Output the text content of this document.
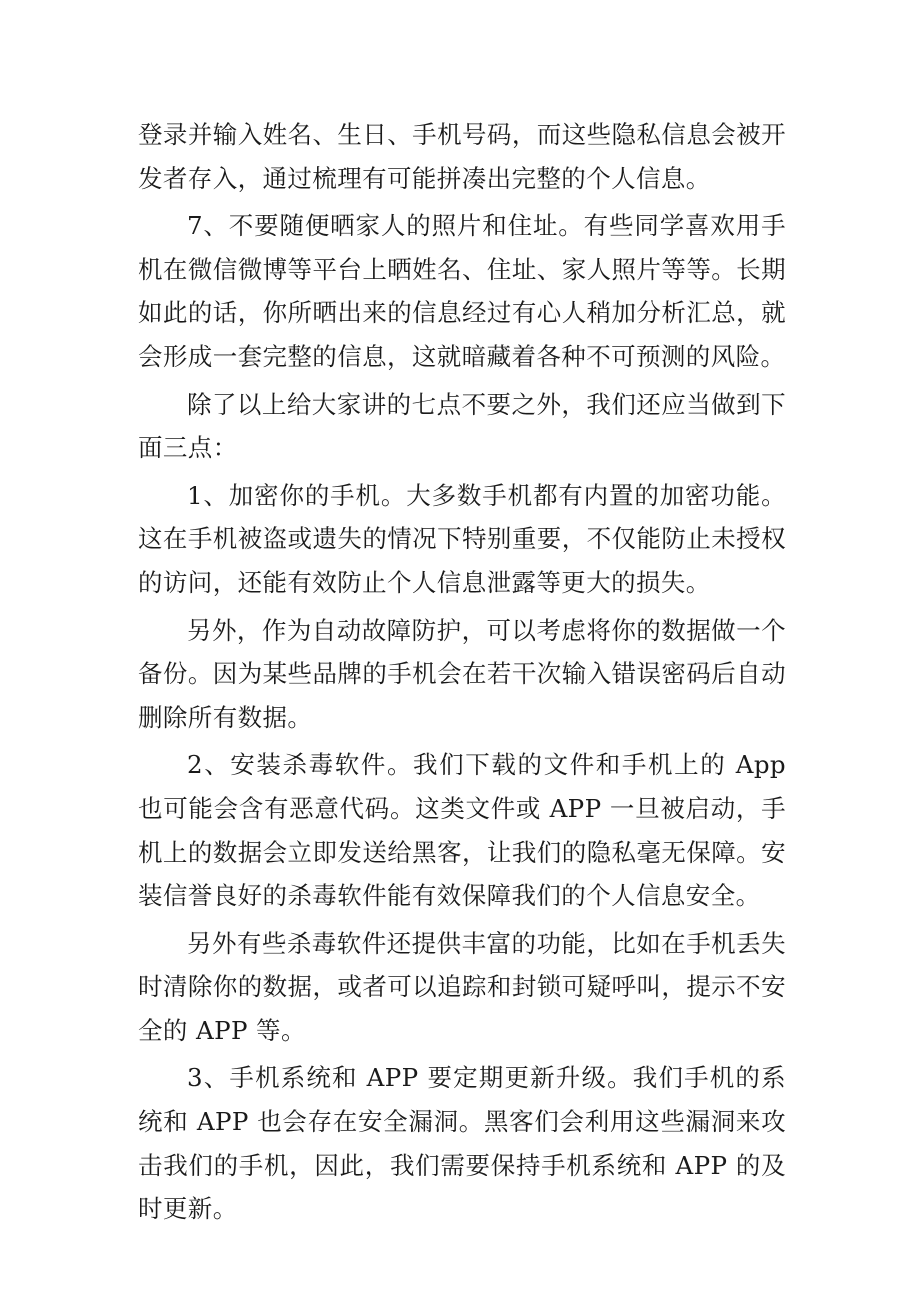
登录并输入姓名、生日、手机号码，而这些隐私信息会被开发者存入，通过梳理有可能拼凑出完整的个人信息。

7、不要随便晒家人的照片和住址。有些同学喜欢用手机在微信微博等平台上晒姓名、住址、家人照片等等。长期如此的话，你所晒出来的信息经过有心人稍加分析汇总，就会形成一套完整的信息，这就暗藏着各种不可预测的风险。

除了以上给大家讲的七点不要之外，我们还应当做到下面三点：

1、加密你的手机。大多数手机都有内置的加密功能。这在手机被盗或遗失的情况下特别重要，不仅能防止未授权的访问，还能有效防止个人信息泄露等更大的损失。

另外，作为自动故障防护，可以考虑将你的数据做一个备份。因为某些品牌的手机会在若干次输入错误密码后自动删除所有数据。

2、安装杀毒软件。我们下载的文件和手机上的 App 也可能会含有恶意代码。这类文件或 APP 一旦被启动，手机上的数据会立即发送给黑客，让我们的隐私毫无保障。安装信誉良好的杀毒软件能有效保障我们的个人信息安全。

另外有些杀毒软件还提供丰富的功能，比如在手机丢失时清除你的数据，或者可以追踪和封锁可疑呼叫，提示不安全的 APP 等。

3、手机系统和 APP 要定期更新升级。我们手机的系统和 APP 也会存在安全漏洞。黑客们会利用这些漏洞来攻击我们的手机，因此，我们需要保持手机系统和 APP 的及时更新。
